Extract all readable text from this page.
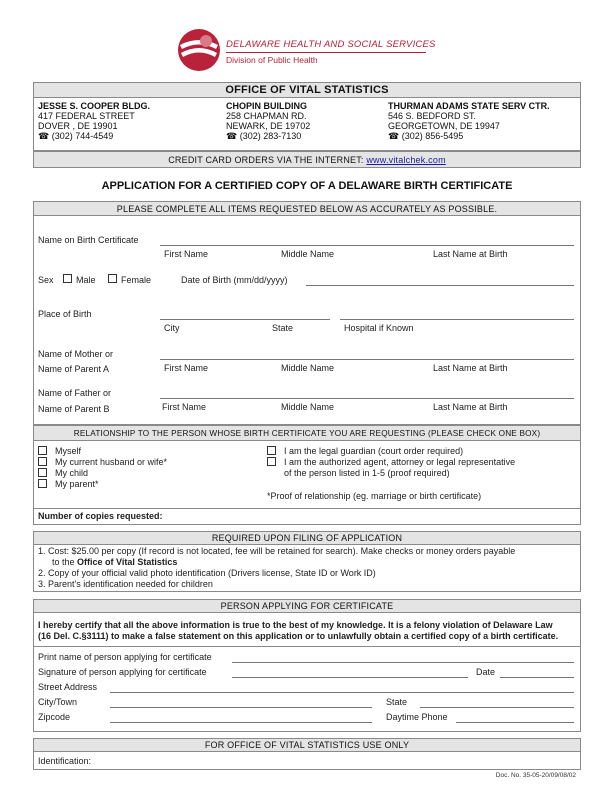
DELAWARE HEALTH AND SOCIAL SERVICES
Division of Public Health
OFFICE OF VITAL STATISTICS
JESSE S. COOPER BLDG.
417 FEDERAL STREET
DOVER , DE 19901
☎ (302) 744-4549
CHOPIN BUILDING
258 CHAPMAN RD.
NEWARK, DE 19702
☎ (302) 283-7130
THURMAN ADAMS STATE SERV CTR.
546 S. BEDFORD ST.
GEORGETOWN, DE 19947
☎ (302) 856-5495
CREDIT CARD ORDERS VIA THE INTERNET: www.vitalchek.com
APPLICATION FOR A CERTIFIED COPY OF A DELAWARE BIRTH CERTIFICATE
PLEASE COMPLETE ALL ITEMS REQUESTED BELOW AS ACCURATELY AS POSSIBLE.
Name on Birth Certificate
First Name	Middle Name	Last Name at Birth
Sex Male	Female	Date of Birth (mm/dd/yyyy)
Place of Birth
City	State	Hospital if Known
Name of Mother or
Name of Parent A	First Name	Middle Name	Last Name at Birth
Name of Father or
Name of Parent B	First Name	Middle Name	Last Name at Birth
RELATIONSHIP TO THE PERSON WHOSE BIRTH CERTIFICATE YOU ARE REQUESTING (PLEASE CHECK ONE BOX)
Myself
My current husband or wife*
My child
My parent*
I am the legal guardian (court order required)
I am the authorized agent, attorney or legal representative
of the person listed in 1-5 (proof required)
*Proof of relationship (eg. marriage or birth certificate)
Number of copies requested:
REQUIRED UPON FILING OF APPLICATION
1. Cost: $25.00 per copy (If record is not located, fee will be retained for search). Make checks or money orders payable
to the Office of Vital Statistics
2. Copy of your official valid photo identification (Drivers license, State ID or Work ID)
3. Parent's identification needed for children
PERSON APPLYING FOR CERTIFICATE
I hereby certify that all the above information is true to the best of my knowledge. It is a felony violation of Delaware Law
(16 Del. C.§3111) to make a false statement on this application or to unlawfully obtain a certified copy of a birth certificate.
Print name of person applying for certificate
Signature of person applying for certificate	Date
Street Address
City/Town	State
Zipcode	Daytime Phone
FOR OFFICE OF VITAL STATISTICS USE ONLY
Identification:
Doc. No. 35-05-20/09/08/02
